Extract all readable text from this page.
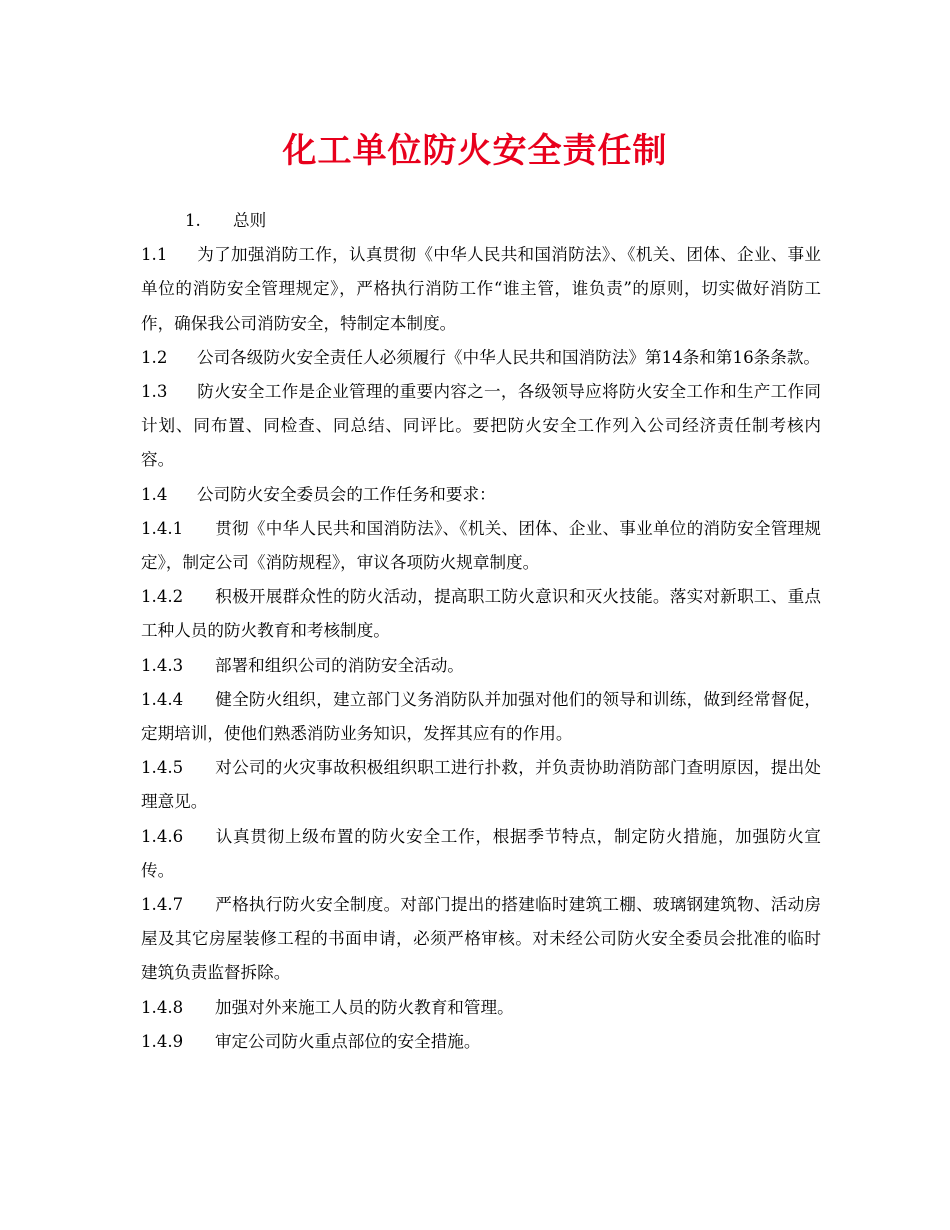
化工单位防火安全责任制

1. 总则

1.1 为了加强消防工作，认真贯彻《中华人民共和国消防法》、《机关、团体、企业、事业单位的消防安全管理规定》，严格执行消防工作“谁主管，谁负责”的原则，切实做好消防工作，确保我公司消防安全，特制定本制度。

1.2 公司各级防火安全责任人必须履行《中华人民共和国消防法》第14条和第16条条款。

1.3 防火安全工作是企业管理的重要内容之一，各级领导应将防火安全工作和生产工作同计划、同布置、同检查、同总结、同评比。要把防火安全工作列入公司经济责任制考核内容。

1.4 公司防火安全委员会的工作任务和要求：

1.4.1 贯彻《中华人民共和国消防法》、《机关、团体、企业、事业单位的消防安全管理规定》，制定公司《消防规程》，审议各项防火规章制度。

1.4.2 积极开展群众性的防火活动，提高职工防火意识和灭火技能。落实对新职工、重点工种人员的防火教育和考核制度。

1.4.3 部署和组织公司的消防安全活动。

1.4.4 健全防火组织，建立部门义务消防队并加强对他们的领导和训练，做到经常督促，定期培训，使他们熟悉消防业务知识，发挥其应有的作用。

1.4.5 对公司的火灾事故积极组织职工进行扑救，并负责协助消防部门查明原因，提出处理意见。

1.4.6 认真贯彻上级布置的防火安全工作，根据季节特点，制定防火措施，加强防火宣传。

1.4.7 严格执行防火安全制度。对部门提出的搭建临时建筑工棚、玻璃钢建筑物、活动房屋及其它房屋装修工程的书面申请，必须严格审核。对未经公司防火安全委员会批准的临时建筑负责监督拆除。

1.4.8 加强对外来施工人员的防火教育和管理。

1.4.9 审定公司防火重点部位的安全措施。
